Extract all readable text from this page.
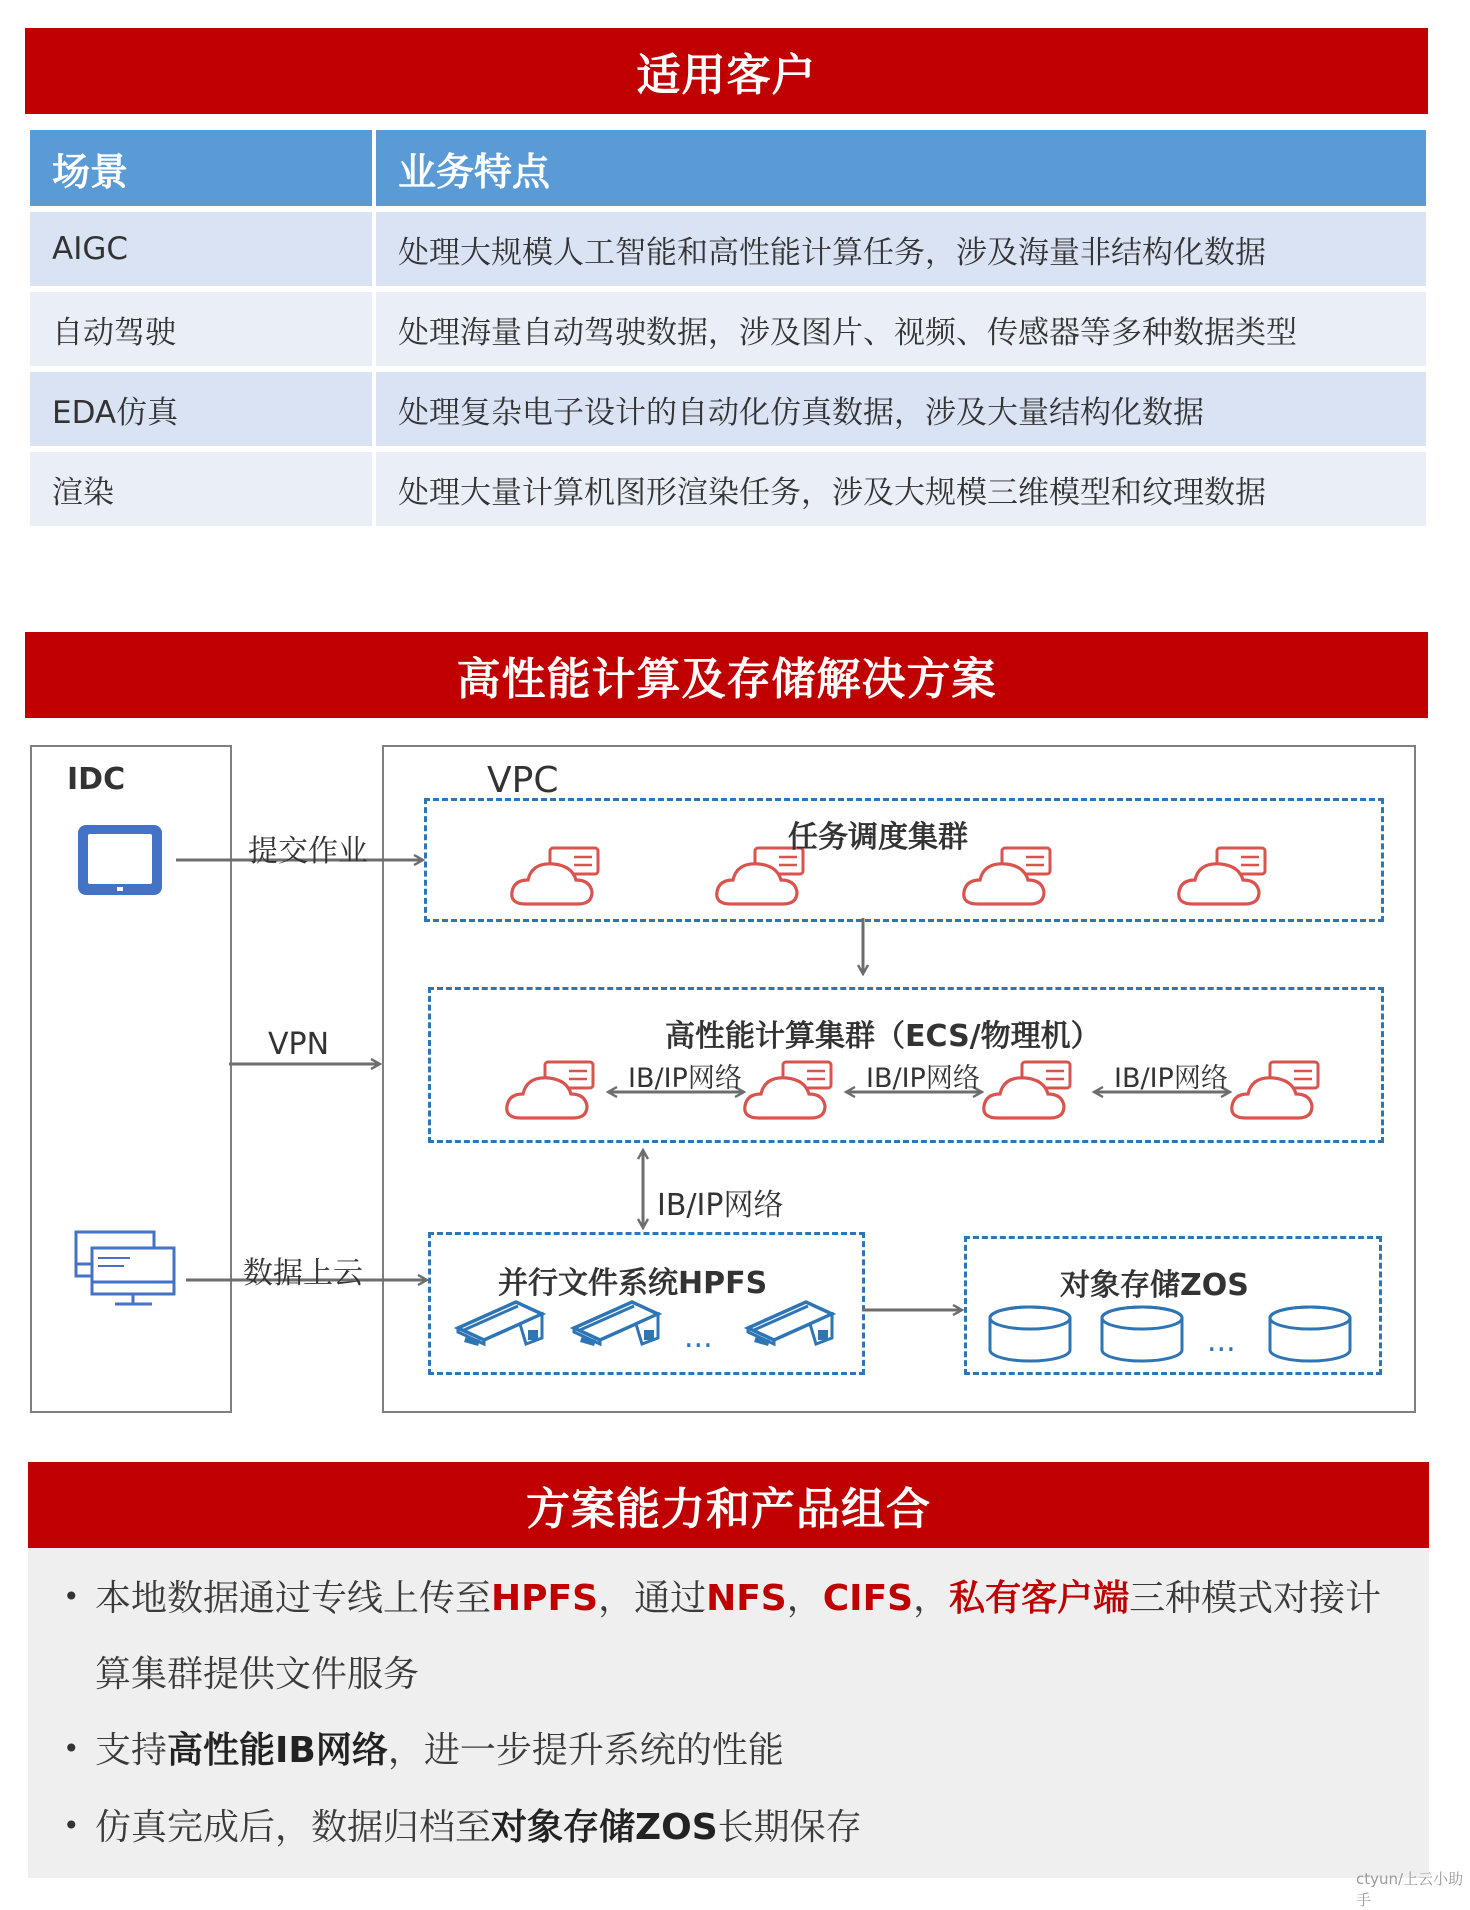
适用客户
场景	业务特点
AIGC	处理大规模人工智能和高性能计算任务，涉及海量非结构化数据
自动驾驶	处理海量自动驾驶数据，涉及图片、视频、传感器等多种数据类型
EDA仿真	处理复杂电子设计的自动化仿真数据，涉及大量结构化数据
渲染	处理大量计算机图形渲染任务，涉及大规模三维模型和纹理数据
高性能计算及存储解决方案
IDC	VPC
提交作业
VPN
数据上云
任务调度集群
高性能计算集群（ECS/物理机）
IB/IP网络	IB/IP网络	IB/IP网络
IB/IP网络
并行文件系统HPFS	对象存储ZOS
...	...
方案能力和产品组合
• 本地数据通过专线上传至HPFS，通过NFS，CIFS，私有客户端三种模式对接计
算集群提供文件服务
• 支持高性能IB网络，进一步提升系统的性能
• 仿真完成后，数据归档至对象存储ZOS长期保存
ctyun/上云小助手
